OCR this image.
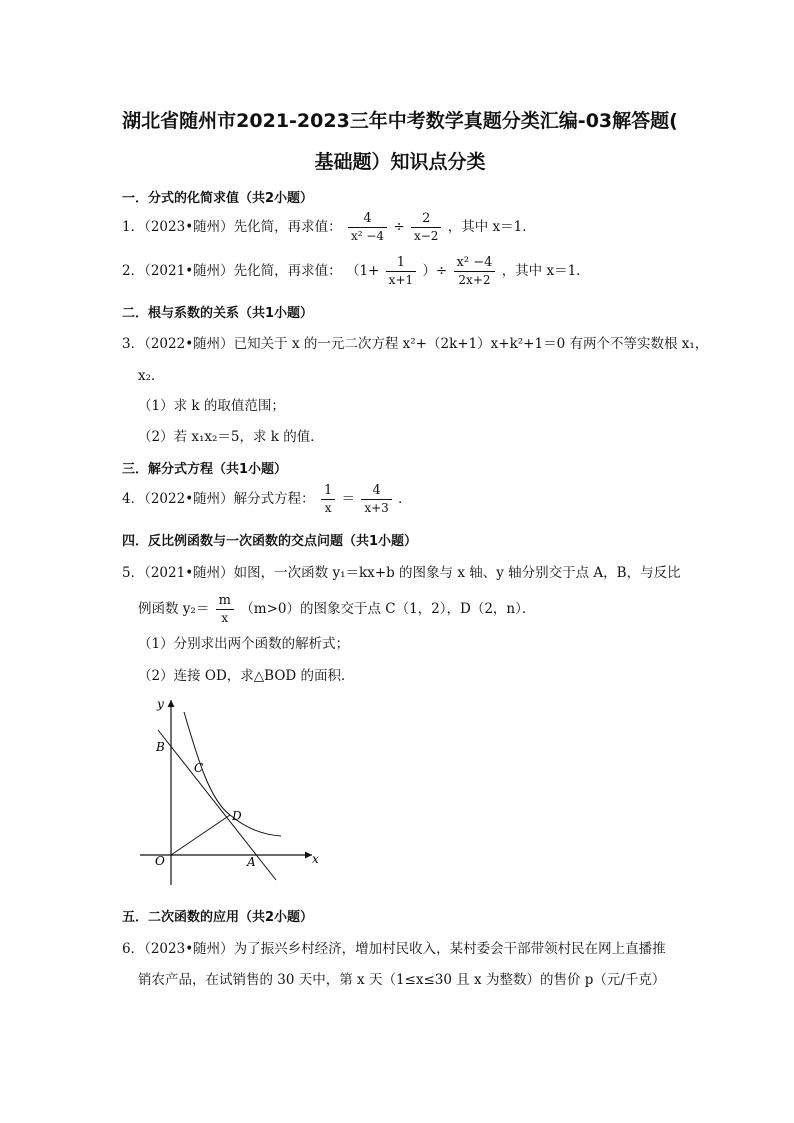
湖北省随州市2021-2023三年中考数学真题分类汇编-03解答题(
基础题）知识点分类
一．分式的化简求值（共2小题）
1．（2023•随州）先化简，再求值： $\frac{4}{\text{x² −4}} \div \frac{2}{x-2}$ ，其中 x＝1．
2．（2021•随州）先化简，再求值： （$1+ \frac{1}{x+1}$ ）÷ $\frac{\text{x² −4}}{2x+2}$ ，其中 x＝1．
二．根与系数的关系（共1小题）
3．（2022•随州）已知关于 x 的一元二次方程 x²+（2k+1）x+k²+1＝0 有两个不等实数根 x₁，
x₂．
（1）求 k 的取值范围；
（2）若 x₁x₂＝5，求 k 的值．
三．解分式方程（共1小题）
4．（2022•随州）解分式方程： $\frac{1}{x} = \frac{4}{x+3}$ ．
四．反比例函数与一次函数的交点问题（共1小题）
5．（2021•随州）如图，一次函数 y₁＝kx+b 的图象与 x 轴、y 轴分别交于点 A，B，与反比
例函数 $y_2= \frac{m}{x} (m>0)$的图象交于点 C（1，2），D（2，n）．
（1）分别求出两个函数的解析式；
（2）连接 OD，求△BOD 的面积．
y
x
O	A
B
C
D
五．二次函数的应用（共2小题）
6．（2023•随州）为了振兴乡村经济，增加村民收入，某村委会干部带领村民在网上直播推
销农产品，在试销售的 30 天中，第 x 天（1≤x≤30 且 x 为整数）的售价 p（元/千克）
